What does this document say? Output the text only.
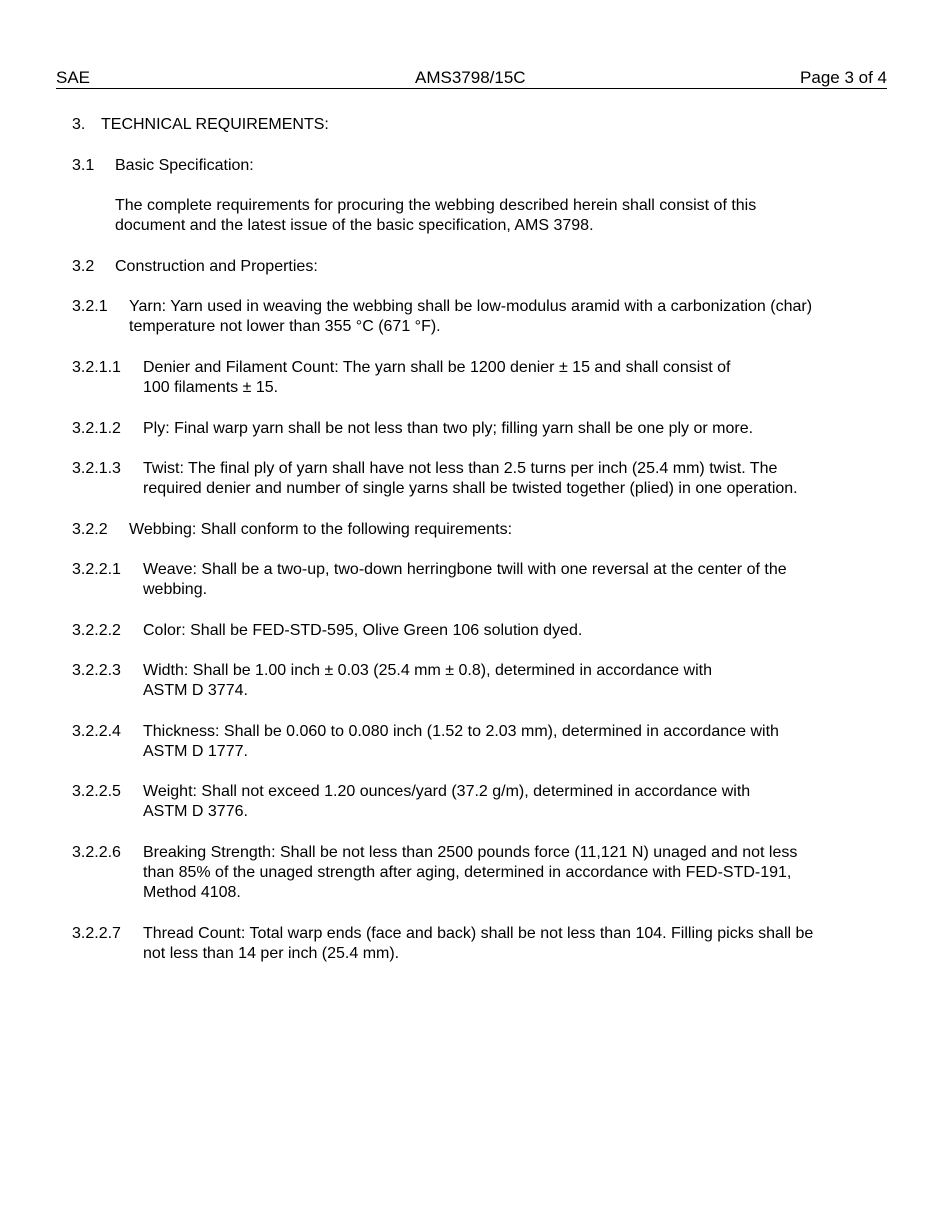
SAE	AMS3798/15C	Page 3 of 4
3. TECHNICAL REQUIREMENTS:
3.1 Basic Specification:
The complete requirements for procuring the webbing described herein shall consist of this
document and the latest issue of the basic specification, AMS 3798.
3.2 Construction and Properties:
3.2.1 Yarn: Yarn used in weaving the webbing shall be low-modulus aramid with a carbonization (char)
temperature not lower than 355 °C (671 °F).
3.2.1.1 Denier and Filament Count: The yarn shall be 1200 denier ± 15 and shall consist of
100 filaments ± 15.
3.2.1.2 Ply: Final warp yarn shall be not less than two ply; filling yarn shall be one ply or more.
3.2.1.3 Twist: The final ply of yarn shall have not less than 2.5 turns per inch (25.4 mm) twist. The
required denier and number of single yarns shall be twisted together (plied) in one operation.
3.2.2 Webbing: Shall conform to the following requirements:
3.2.2.1 Weave: Shall be a two-up, two-down herringbone twill with one reversal at the center of the
webbing.
3.2.2.2 Color: Shall be FED-STD-595, Olive Green 106 solution dyed.
3.2.2.3 Width: Shall be 1.00 inch ± 0.03 (25.4 mm ± 0.8), determined in accordance with
ASTM D 3774.
3.2.2.4 Thickness: Shall be 0.060 to 0.080 inch (1.52 to 2.03 mm), determined in accordance with
ASTM D 1777.
3.2.2.5 Weight: Shall not exceed 1.20 ounces/yard (37.2 g/m), determined in accordance with
ASTM D 3776.
3.2.2.6 Breaking Strength: Shall be not less than 2500 pounds force (11,121 N) unaged and not less
than 85% of the unaged strength after aging, determined in accordance with FED-STD-191,
Method 4108.
3.2.2.7 Thread Count: Total warp ends (face and back) shall be not less than 104. Filling picks shall be
not less than 14 per inch (25.4 mm).
